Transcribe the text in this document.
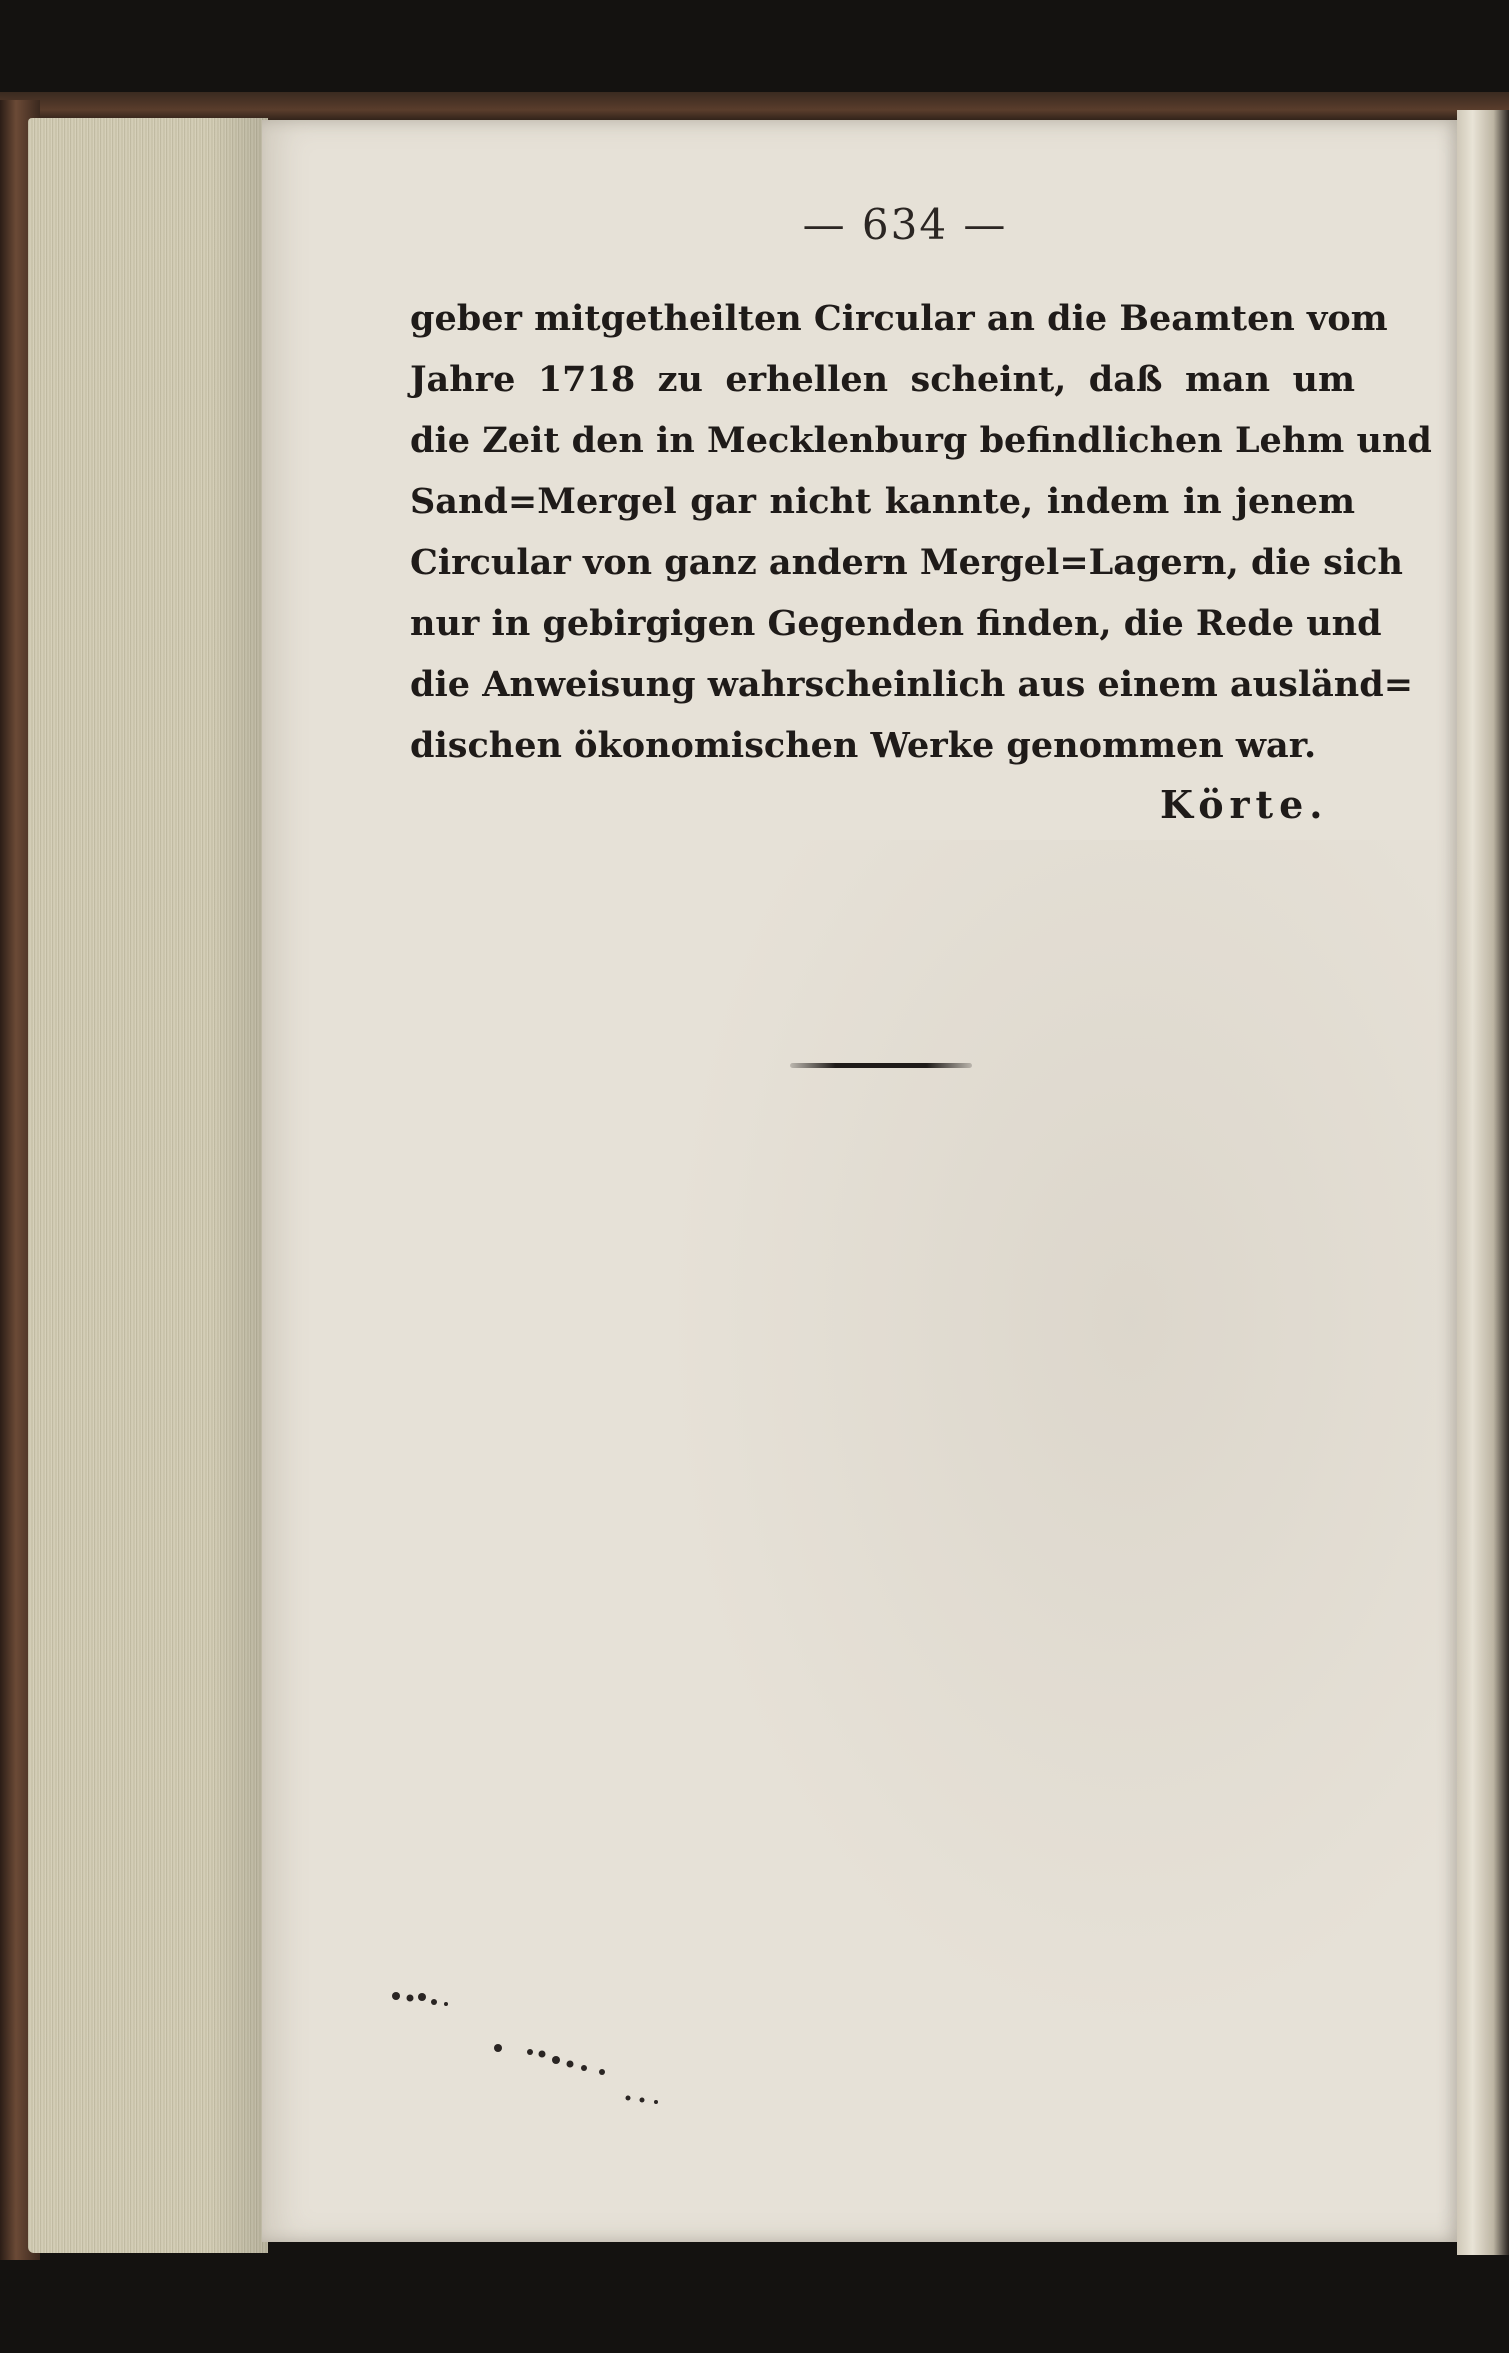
— 634 —
geber mitgetheilten Circular an die Beamten vom
Jahre 1718 zu erhellen scheint, daß man um
die Zeit den in Mecklenburg befindlichen Lehm und
Sand=Mergel gar nicht kannte, indem in jenem
Circular von ganz andern Mergel=Lagern, die sich
nur in gebirgigen Gegenden finden, die Rede und
die Anweisung wahrscheinlich aus einem ausländ=
dischen ökonomischen Werke genommen war.
Körte.
